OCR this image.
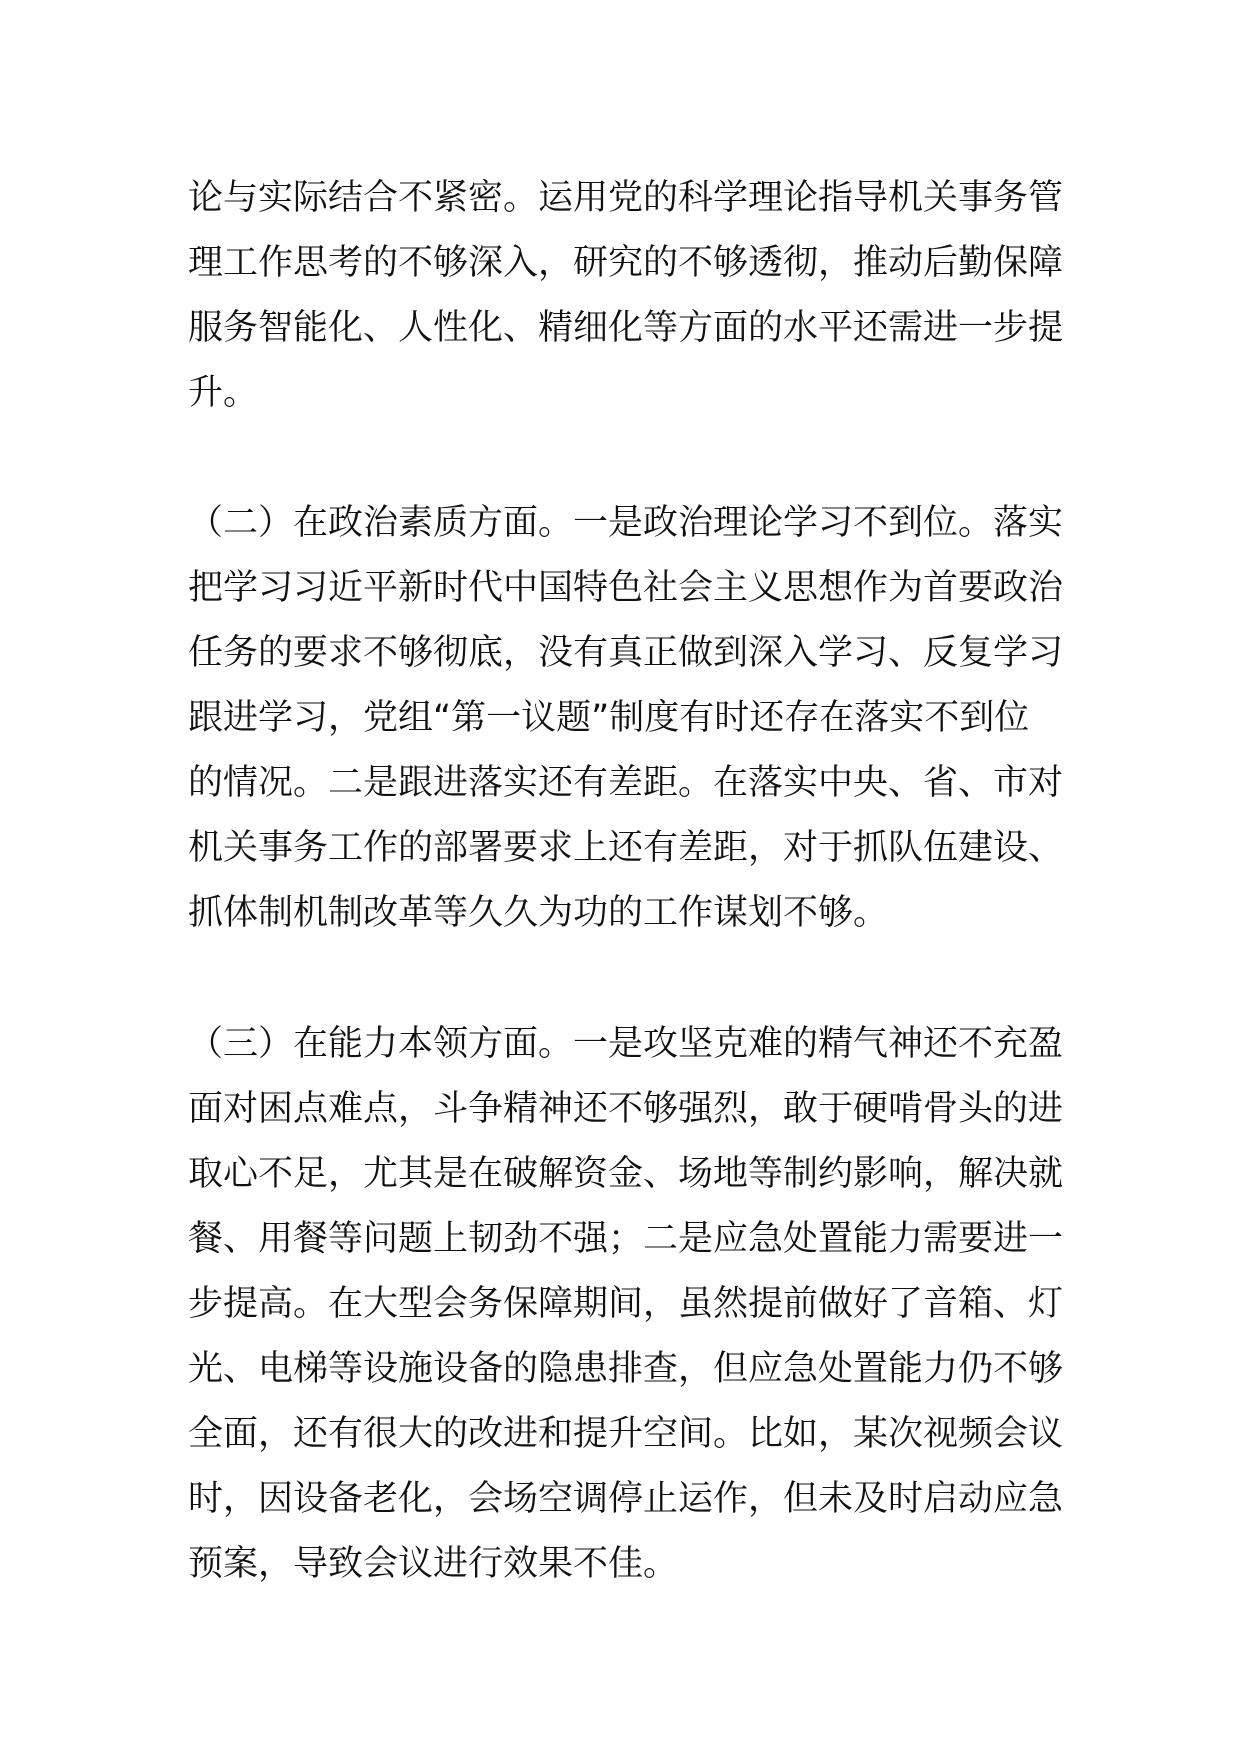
论与实际结合不紧密。运用党的科学理论指导机关事务管
理工作思考的不够深入，研究的不够透彻，推动后勤保障
服务智能化、人性化、精细化等方面的水平还需进一步提
升。
（二）在政治素质方面。一是政治理论学习不到位。落实
把学习习近平新时代中国特色社会主义思想作为首要政治
任务的要求不够彻底，没有真正做到深入学习、反复学习
跟进学习，党组“第一议题”制度有时还存在落实不到位
的情况。二是跟进落实还有差距。在落实中央、省、市对
机关事务工作的部署要求上还有差距，对于抓队伍建设、
抓体制机制改革等久久为功的工作谋划不够。
（三）在能力本领方面。一是攻坚克难的精气神还不充盈
面对困点难点，斗争精神还不够强烈，敢于硬啃骨头的进
取心不足，尤其是在破解资金、场地等制约影响，解决就
餐、用餐等问题上韧劲不强；二是应急处置能力需要进一
步提高。在大型会务保障期间，虽然提前做好了音箱、灯
光、电梯等设施设备的隐患排查，但应急处置能力仍不够
全面，还有很大的改进和提升空间。比如，某次视频会议
时，因设备老化，会场空调停止运作，但未及时启动应急
预案，导致会议进行效果不佳。
